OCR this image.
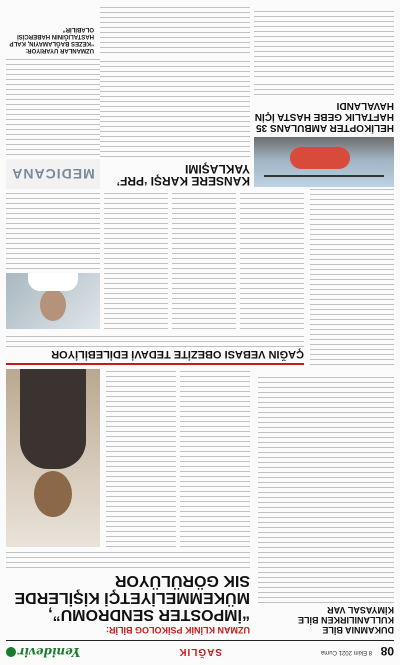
08
8 Ekim 2021 Cuma
SAĞLIK
Yenidevir
UZMAN KLİNİK PSİKOLOG BİLİR:
“İMPOSTER SENDROMU”, MÜKEMMELİYETÇİ KİŞİLERDE SIK GÖRÜLÜYOR
ÇAĞIN VEBASI OBEZİTE TEDAVİ EDİLEBİLİYOR
DUKAMNIA BİLE KULLANILIRKEN BİLE KİMYASAL VAR
MEDICANA	KANSERE KARŞI ‘PRF’ YAKLAŞIMI
HELİKOPTER AMBULANS 35 HAFTALIK GEBE HASTA İÇİN HAVALANDI
UZMANLAR UYARIYOR: “KEZES BAĞLAMAYIN, KALP HASTALIĞININ HABERCİSİ OLABİLİR”
